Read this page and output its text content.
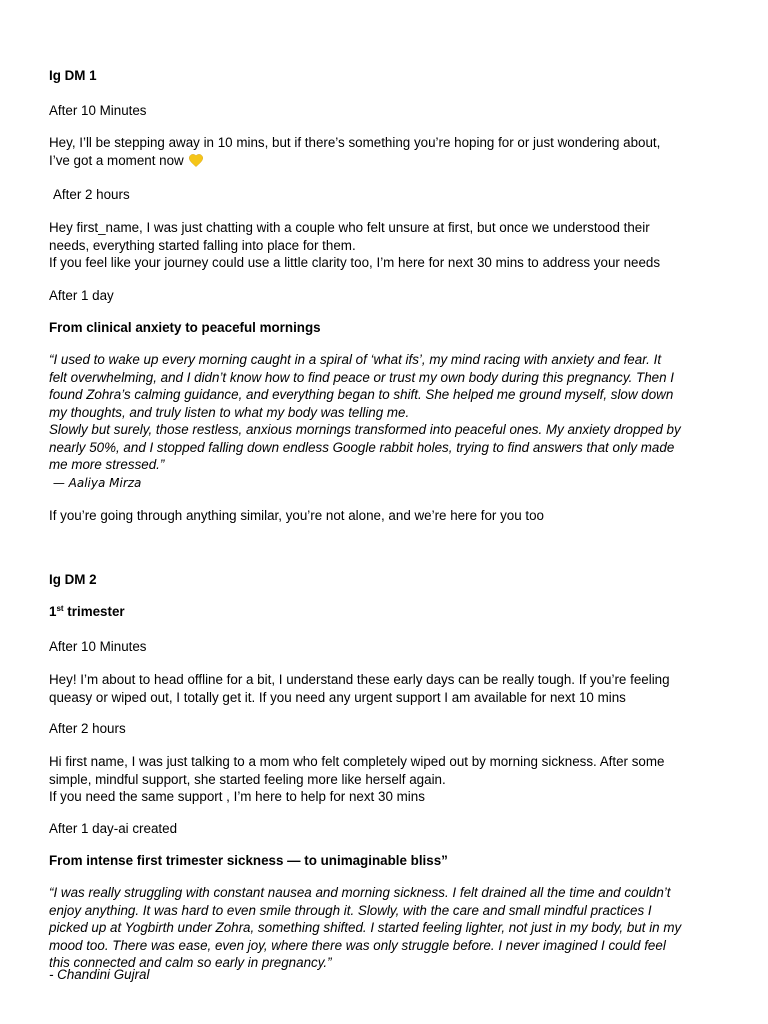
Ig DM 1

After 10 Minutes

Hey, I’ll be stepping away in 10 mins, but if there’s something you’re hoping for or just wondering about,
I’ve got a moment now

After 2 hours

Hey first_name, I was just chatting with a couple who felt unsure at first, but once we understood their
needs, everything started falling into place for them.
If you feel like your journey could use a little clarity too, I’m here for next 30 mins to address your needs

After 1 day

From clinical anxiety to peaceful mornings

“I used to wake up every morning caught in a spiral of ‘what ifs’, my mind racing with anxiety and fear. It
felt overwhelming, and I didn’t know how to find peace or trust my own body during this pregnancy. Then I
found Zohra’s calming guidance, and everything began to shift. She helped me ground myself, slow down
my thoughts, and truly listen to what my body was telling me.
Slowly but surely, those restless, anxious mornings transformed into peaceful ones. My anxiety dropped by
nearly 50%, and I stopped falling down endless Google rabbit holes, trying to find answers that only made
me more stressed.”

— Aaliya Mirza

If you’re going through anything similar, you’re not alone, and we’re here for you too

Ig DM 2

1st trimester

After 10 Minutes

Hey! I’m about to head offline for a bit, I understand these early days can be really tough. If you’re feeling
queasy or wiped out, I totally get it. If you need any urgent support I am available for next 10 mins

After 2 hours

Hi first name, I was just talking to a mom who felt completely wiped out by morning sickness. After some
simple, mindful support, she started feeling more like herself again.
If you need the same support , I’m here to help for next 30 mins

After 1 day-ai created

From intense first trimester sickness — to unimaginable bliss”

“I was really struggling with constant nausea and morning sickness. I felt drained all the time and couldn’t
enjoy anything. It was hard to even smile through it. Slowly, with the care and small mindful practices I
picked up at Yogbirth under Zohra, something shifted. I started feeling lighter, not just in my body, but in my
mood too. There was ease, even joy, where there was only struggle before. I never imagined I could feel
this connected and calm so early in pregnancy.”

- Chandini Gujral
